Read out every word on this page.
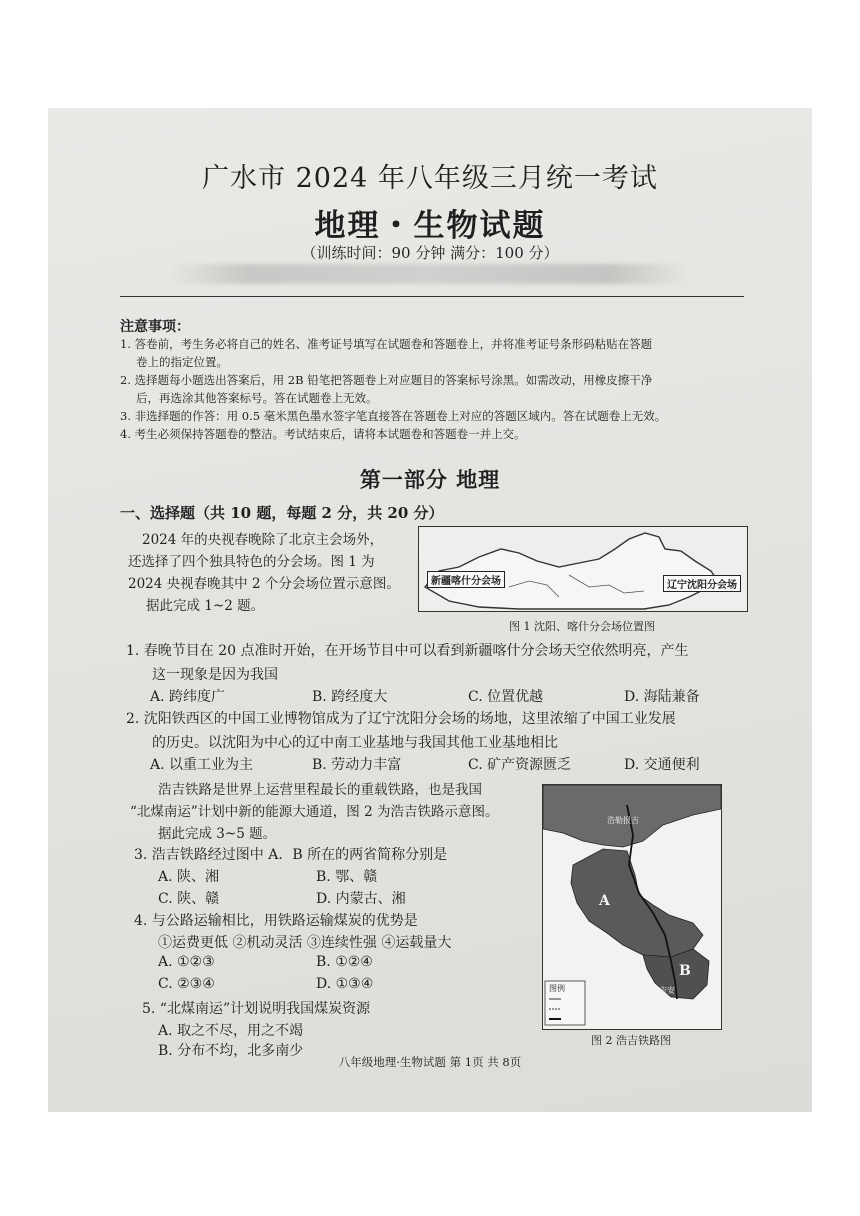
广水市 2024 年八年级三月统一考试
地理・生物试题
（训练时间：90 分钟 满分：100 分）
注意事项：
1. 答卷前，考生务必将自己的姓名、准考证号填写在试题卷和答题卷上，并将准考证号条形码粘贴在答题
卷上的指定位置。
2. 选择题每小题选出答案后，用 2B 铅笔把答题卷上对应题目的答案标号涂黑。如需改动，用橡皮擦干净
后，再选涂其他答案标号。答在试题卷上无效。
3. 非选择题的作答：用 0.5 毫米黑色墨水签字笔直接答在答题卷上对应的答题区域内。答在试题卷上无效。
4. 考生必须保持答题卷的整洁。考试结束后，请将本试题卷和答题卷一并上交。
第一部分 地理
一、选择题（共 10 题，每题 2 分，共 20 分）
2024 年的央视春晚除了北京主会场外，
还选择了四个独具特色的分会场。图 1 为
2024 央视春晚其中 2 个分会场位置示意图。
据此完成 1~2 题。
新疆喀什分会场	辽宁沈阳分会场
图 1 沈阳、喀什分会场位置图
1. 春晚节目在 20 点准时开始，在开场节目中可以看到新疆喀什分会场天空依然明亮，产生
这一现象是因为我国
A. 跨纬度广	B. 跨经度大	C. 位置优越	D. 海陆兼备
2. 沈阳铁西区的中国工业博物馆成为了辽宁沈阳分会场的场地，这里浓缩了中国工业发展
的历史。以沈阳为中心的辽中南工业基地与我国其他工业基地相比
A. 以重工业为主	B. 劳动力丰富	C. 矿产资源匮乏	D. 交通便利
浩吉铁路是世界上运营里程最长的重载铁路，也是我国
“北煤南运”计划中新的能源大通道，图 2 为浩吉铁路示意图。
据此完成 3~5 题。
3. 浩吉铁路经过图中 A．B 所在的两省简称分别是
A. 陕、湘	B. 鄂、赣
C. 陕、赣	D. 内蒙古、湘
4. 与公路运输相比，用铁路运输煤炭的优势是
①运费更低 ②机动灵活 ③连续性强 ④运载量大
A. ①②③	B. ①②④
C. ②③④	D. ①③④
5. “北煤南运”计划说明我国煤炭资源
A. 取之不尽，用之不竭
B. 分布不均，北多南少
浩勒报吉
A
B
吉安
图例
图 2 浩吉铁路图
八年级地理·生物试题 第 1页 共 8页
